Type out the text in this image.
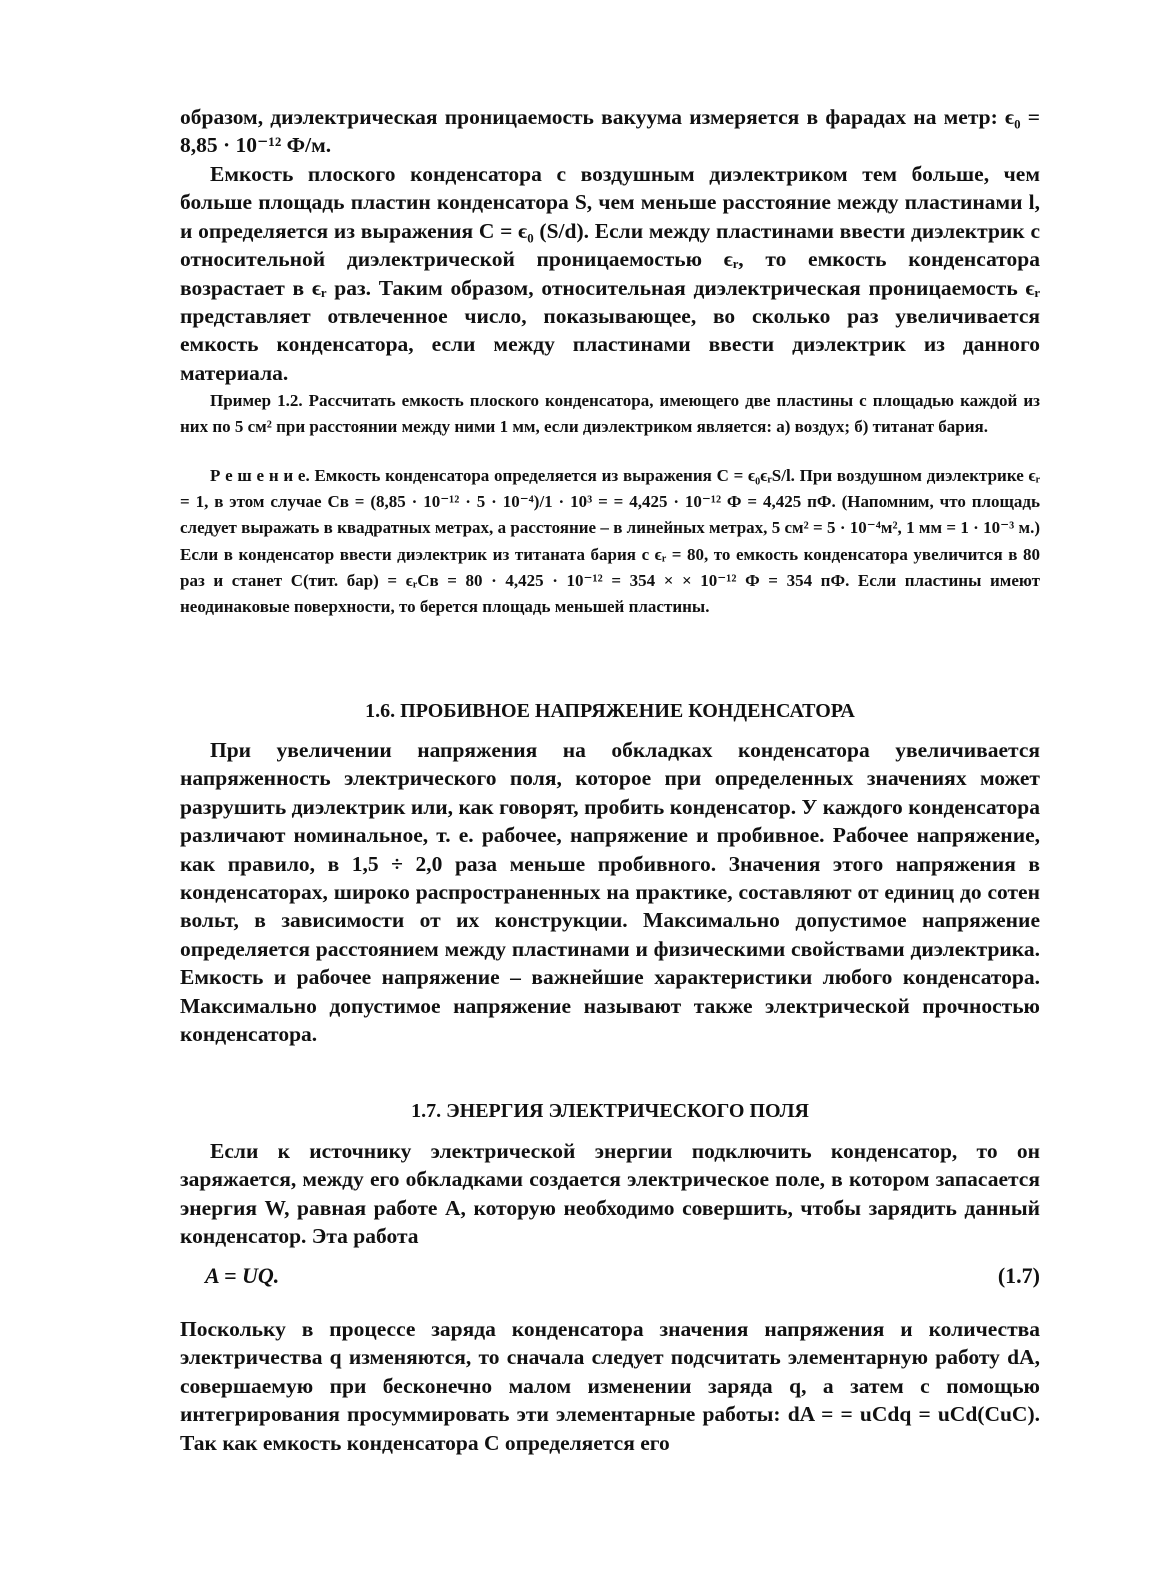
образом, диэлектрическая проницаемость вакуума измеряется в фарадах на метр: ϵ₀ = 8,85 · 10⁻¹² Ф/м.

Емкость плоского конденсатора с воздушным диэлектриком тем больше, чем больше площадь пластин конденсатора S, чем меньше расстояние между пластинами l, и определяется из выражения C = ϵ₀ (S/d). Если между пластинами ввести диэлектрик с относительной диэлектрической проницаемостью ϵᵣ, то емкость конденсатора возрастает в ϵᵣ раз. Таким образом, относительная диэлектрическая проницаемость ϵᵣ представляет отвлеченное число, показывающее, во сколько раз увеличивается емкость конденсатора, если между пластинами ввести диэлектрик из данного материала.

Пример 1.2. Рассчитать емкость плоского конденсатора, имеющего две пластины с площадью каждой из них по 5 см² при расстоянии между ними 1 мм, если диэлектриком является: а) воздух; б) титанат бария.

Р е ш е н и е. Емкость конденсатора определяется из выражения C = ϵ₀ϵᵣS/l. При воздушном диэлектрике ϵᵣ = 1, в этом случае Cв = (8,85 · 10⁻¹² · 5 · 10⁻⁴)/1 · 10³ = = 4,425 · 10⁻¹² Ф = 4,425 пФ. (Напомним, что площадь следует выражать в квадратных метрах, а расстояние – в линейных метрах, 5 см² = 5 · 10⁻⁴м², 1 мм = 1 · 10⁻³ м.) Если в конденсатор ввести диэлектрик из титаната бария с ϵᵣ = 80, то емкость конденсатора увеличится в 80 раз и станет C(тит. бар) = ϵᵣCв = 80 · 4,425 · 10⁻¹² = 354 × × 10⁻¹² Ф = 354 пФ. Если пластины имеют неодинаковые поверхности, то берется площадь меньшей пластины.

1.6. ПРОБИВНОЕ НАПРЯЖЕНИЕ КОНДЕНСАТОРА

При увеличении напряжения на обкладках конденсатора увеличивается напряженность электрического поля, которое при определенных значениях может разрушить диэлектрик или, как говорят, пробить конденсатор. У каждого конденсатора различают номинальное, т. е. рабочее, напряжение и пробивное. Рабочее напряжение, как правило, в 1,5 ÷ 2,0 раза меньше пробивного. Значения этого напряжения в конденсаторах, широко распространенных на практике, составляют от единиц до сотен вольт, в зависимости от их конструкции. Максимально допустимое напряжение определяется расстоянием между пластинами и физическими свойствами диэлектрика. Емкость и рабочее напряжение – важнейшие характеристики любого конденсатора. Максимально допустимое напряжение называют также электрической прочностью конденсатора.

1.7. ЭНЕРГИЯ ЭЛЕКТРИЧЕСКОГО ПОЛЯ

Если к источнику электрической энергии подключить конденсатор, то он заряжается, между его обкладками создается электрическое поле, в котором запасается энергия W, равная работе A, которую необходимо совершить, чтобы зарядить данный конденсатор. Эта работа

A = UQ.	(1.7)

Поскольку в процессе заряда конденсатора значения напряжения и количества электричества q изменяются, то сначала следует подсчитать элементарную работу dA, совершаемую при бесконечно малом изменении заряда q, а затем с помощью интегрирования просуммировать эти элементарные работы: dA = = uCdq = uCd(CuC). Так как емкость конденсатора C определяется его
